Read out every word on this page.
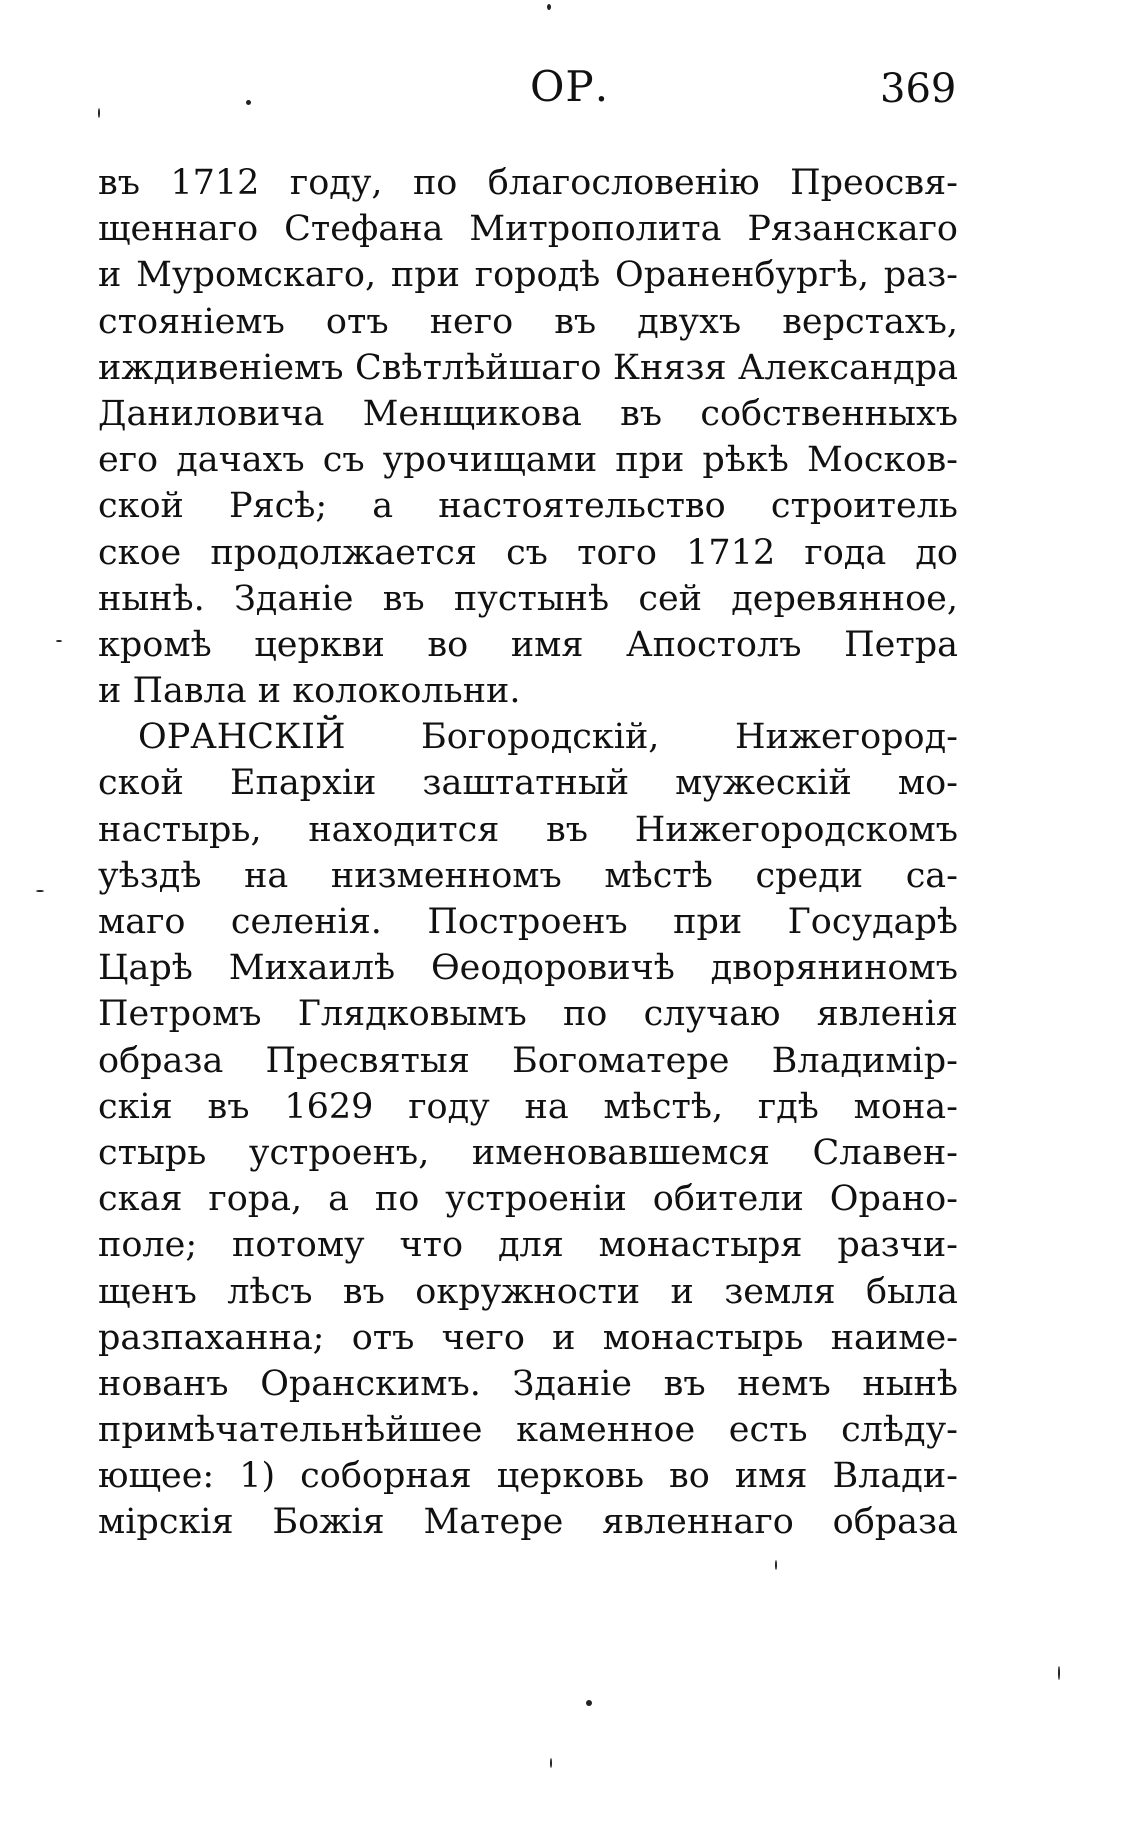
ОР.	369
въ 1712 году, по благословенію Преосвя-
щеннаго Стефана Митрополита Рязанскаго
и Муромскаго, при городѣ Ораненбургѣ, раз-
стояніемъ отъ него въ двухъ верстахъ,
иждивеніемъ Свѣтлѣйшаго Князя Александра
Даниловича Менщикова въ собственныхъ
его дачахъ съ урочищами при рѣкѣ Москов-
ской Рясѣ; а настоятельство строитель
ское продолжается съ того 1712 года до
нынѣ. Зданіе въ пустынѣ сей деревянное,
кромѣ церкви во имя Апостолъ Петра
и Павла и колокольни.
ОРАНСКІЙ Богородскій, Нижегород-
ской Епархіи заштатный мужескій мо-
настырь, находится въ Нижегородскомъ
уѣздѣ на низменномъ мѣстѣ среди са-
маго селенія. Построенъ при Государѣ
Царѣ Михаилѣ Ѳеодоровичѣ дворяниномъ
Петромъ Глядковымъ по случаю явленія
образа Пресвятыя Богоматере Владимір-
скія въ 1629 году на мѣстѣ, гдѣ мона-
стырь устроенъ, именовавшемся Славен-
ская гора, а по устроеніи обители Орано-
поле; потому что для монастыря разчи-
щенъ лѣсъ въ окружности и земля была
разпаханна; отъ чего и монастырь наиме-
нованъ Оранскимъ. Зданіе въ немъ нынѣ
примѣчательнѣйшее каменное есть слѣду-
ющее: 1) соборная церковь во имя Влади-
мірскія Божія Матере явленнаго образа
